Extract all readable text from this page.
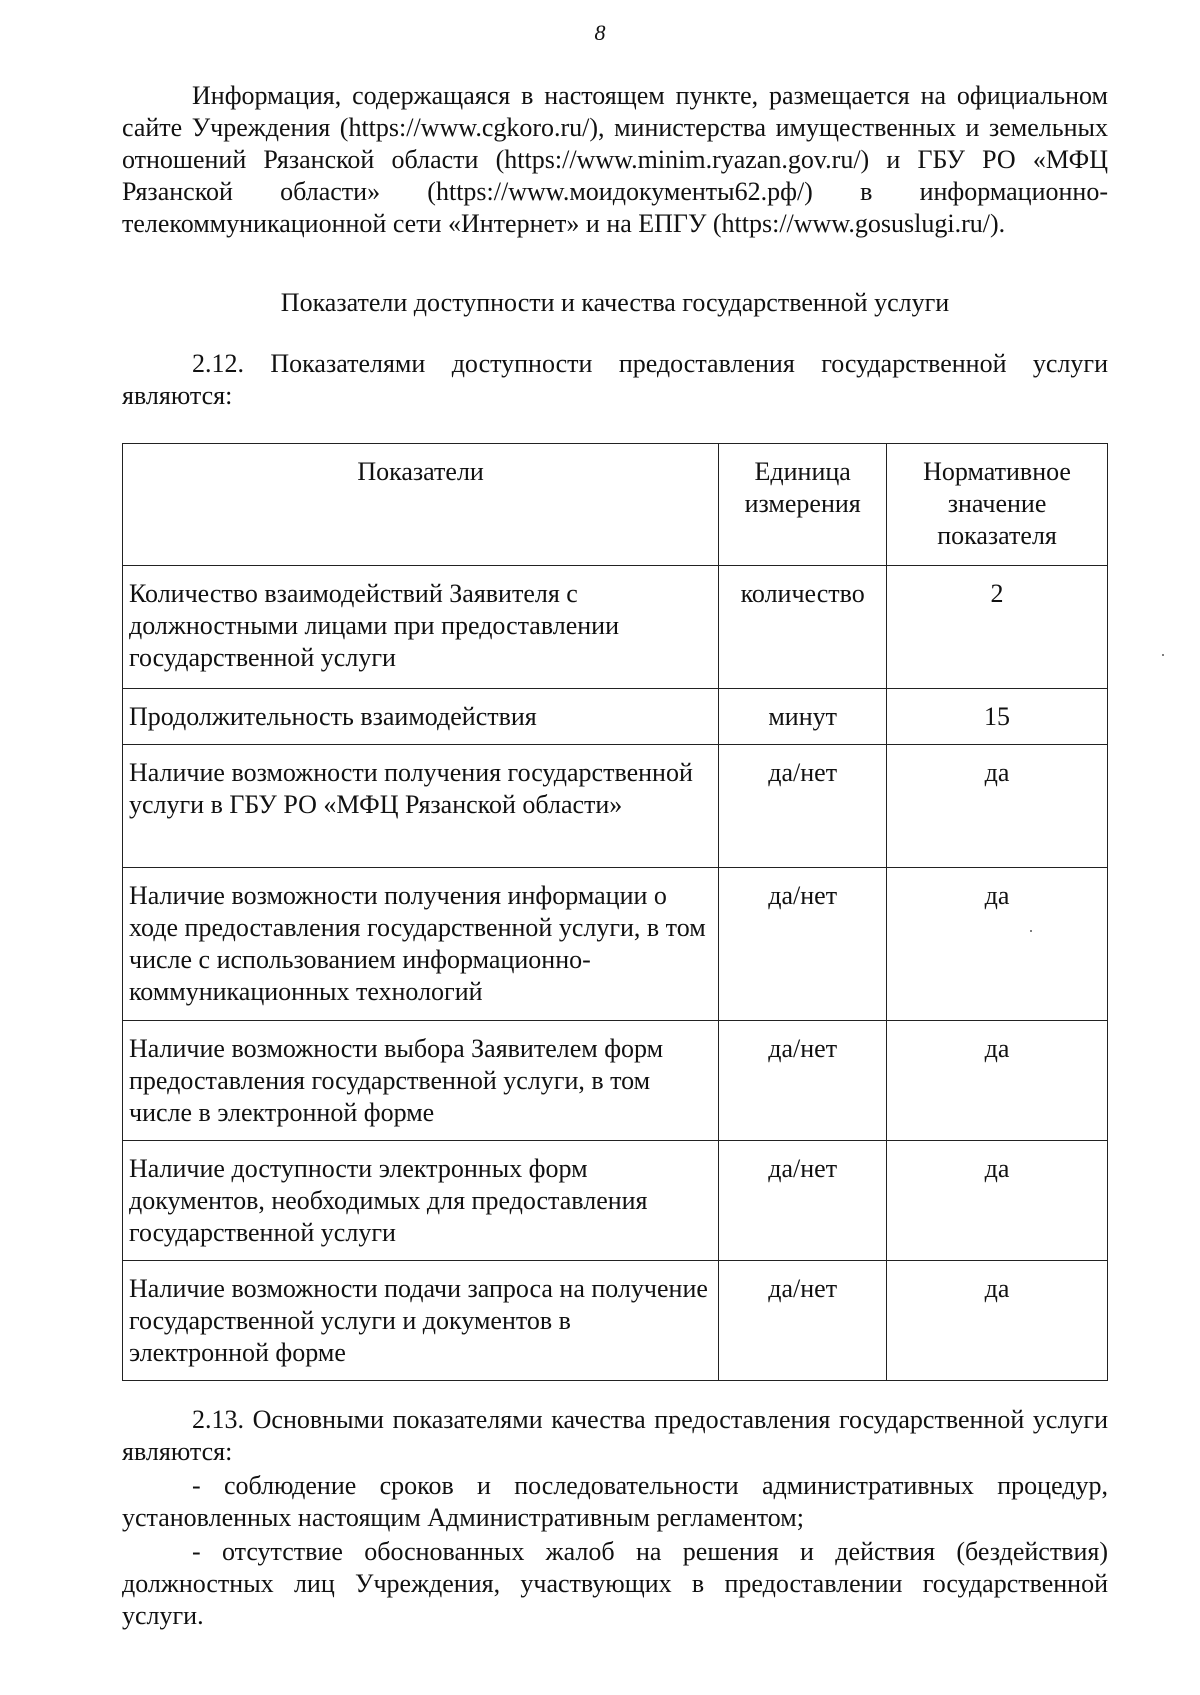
8
Информация, содержащаяся в настоящем пункте, размещается на официальном сайте Учреждения (https://www.cgkoro.ru/), министерства имущественных и земельных отношений Рязанской области (https://www.minim.ryazan.gov.ru/) и ГБУ РО «МФЦ Рязанской области» (https://www.моидокументы62.рф/) в информационно-телекоммуникационной сети «Интернет» и на ЕПГУ (https://www.gosuslugi.ru/).
Показатели доступности и качества государственной услуги
2.12. Показателями доступности предоставления государственной услуги являются:
Показатели	Единица измерения	Нормативное значение показателя
Количество взаимодействий Заявителя с должностными лицами при предоставлении государственной услуги	количество	2
Продолжительность взаимодействия	минут	15
Наличие возможности получения государственной услуги в ГБУ РО «МФЦ Рязанской области»	да/нет	да
Наличие возможности получения информации о ходе предоставления государственной услуги, в том числе с использованием информационно-коммуникационных технологий	да/нет	да
Наличие возможности выбора Заявителем форм предоставления государственной услуги, в том числе в электронной форме	да/нет	да
Наличие доступности электронных форм документов, необходимых для предоставления государственной услуги	да/нет	да
Наличие возможности подачи запроса на получение государственной услуги и документов в электронной форме	да/нет	да
2.13. Основными показателями качества предоставления государственной услуги являются:
- соблюдение сроков и последовательности административных процедур, установленных настоящим Административным регламентом;
- отсутствие обоснованных жалоб на решения и действия (бездействия) должностных лиц Учреждения, участвующих в предоставлении государственной услуги.
